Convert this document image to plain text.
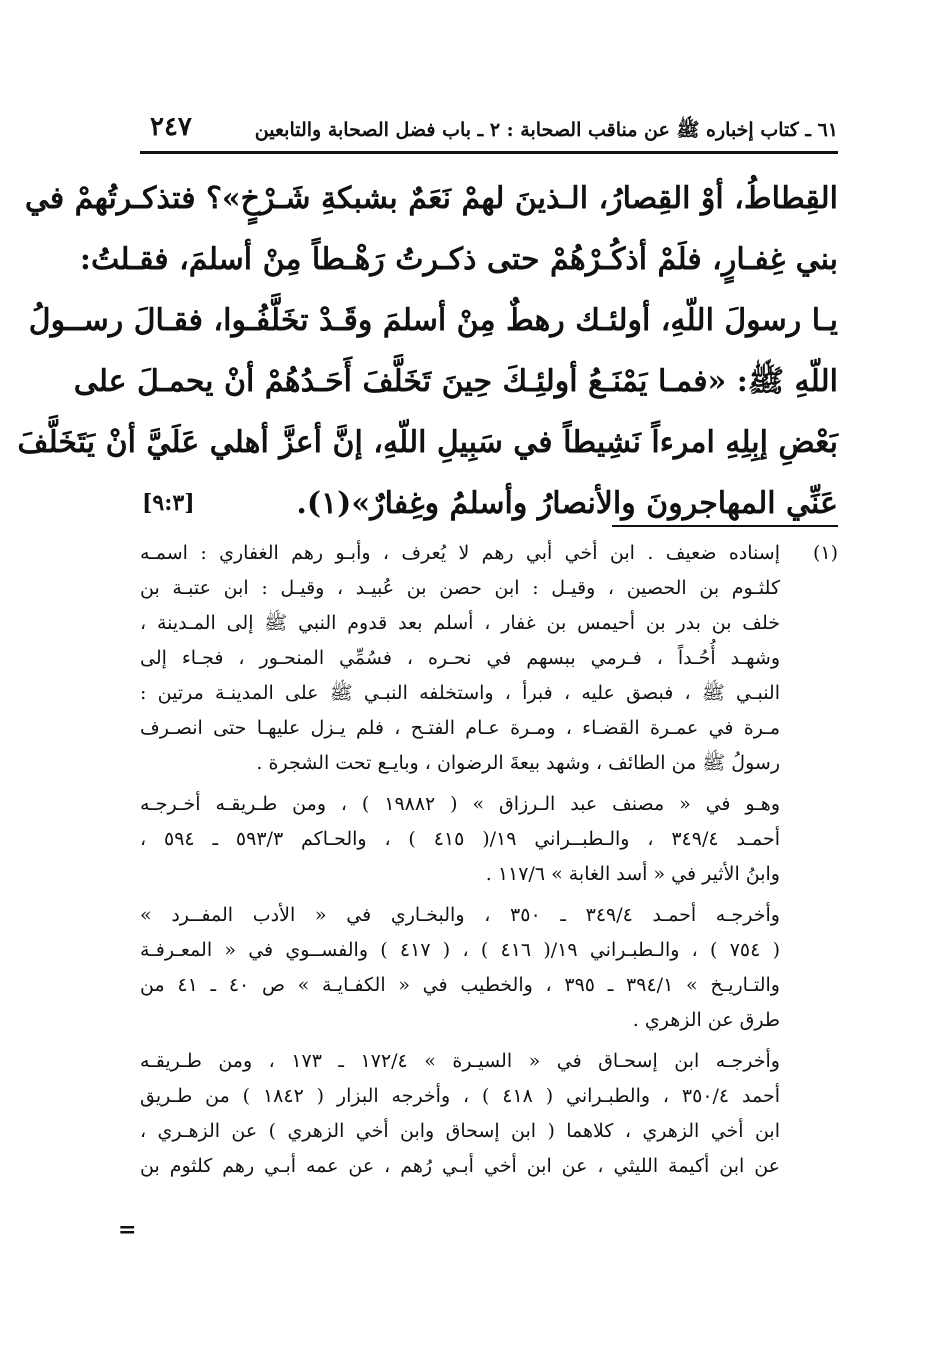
٦١ ـ كتاب إخباره ﷺ عن مناقب الصحابة : ٢ ـ باب فضل الصحابة والتابعين
٢٤٧
القِطاطُ، أوْ القِصارُ، الـذينَ لهمْ نَعَمٌ بشبكةِ شَـرْخٍ»؟ فتذكـرتُهمْ في
بني غِفـارٍ، فلَمْ أذكُـرْهُمْ حتى ذكـرتُ رَهْـطاً مِنْ أسلمَ، فقـلتُ:
يـا رسولَ اللّهِ، أولئـك رهطٌ مِنْ أسلمَ وقَـدْ تخَلَّفُـوا، فقـالَ رســولُ
اللّهِ ﷺ: «فمـا يَمْنَـعُ أولئِـكَ حِينَ تَخَلَّفَ أَحَـدُهُمْ أنْ يحمـلَ على
بَعْضِ إبِلِهِ امرءاً نَشِيطاً في سَبِيلِ اللّهِ، إنَّ أعزَّ أهلي عَلَيَّ أنْ يَتَخَلَّفَ
عَنِّي المهاجرونَ والأنصارُ وأسلمُ وغِفارٌ»(١).
[٩:٣]
(١)
إسناده ضعيف . ابن أخي أبي رهم لا يُعرف ، وأبـو رهم الغفاري : اسمـه
كلثـوم بن الحصين ، وقيـل : ابن حصن بن عُبيـد ، وقيـل : ابن عتبـة بن
خلف بن بدر بن أحيمس بن غفار ، أسلم بعد قدوم النبي ﷺ إلى المـدينة ،
وشهـد أُحُـداً ، فـرمي ببسهم في نحـره ، فسُمِّي المنحـور ، فجـاء إلى
النبـي ﷺ ، فبصق عليه ، فبرأ ، واستخلفه النبـي ﷺ على المدينـة مرتين :
مـرة في عمـرة القضـاء ، ومـرة عـام الفتـح ، فلم يـزل عليهـا حتى انصـرف
رسولُ ﷺ من الطائف ، وشهد بيعةَ الرضوان ، وبايـع تحت الشجرة .
وهـو في « مصنف عبد الـرزاق » ( ١٩٨٨٢ ) ، ومن طـريقـه أخـرجـه
أحمـد ٣٤٩/٤ ، والـطبــراني ١٩/( ٤١٥ ) ، والحـاكم ٥٩٣/٣ ـ ٥٩٤ ،
وابنُ الأثير في « أسد الغابة » ١١٧/٦ .
وأخرجـه أحمـد ٣٤٩/٤ ـ ٣٥٠ ، والبخـاري في « الأدب المفــرد »
( ٧٥٤ ) ، والـطبـراني ١٩/( ٤١٦ ) ، ( ٤١٧ ) والفســوي في « المعـرفـة
والتـاريـخ » ٣٩٤/١ ـ ٣٩٥ ، والخطيب في « الكفـايـة » ص ٤٠ ـ ٤١ من
طرق عن الزهري .
وأخرجـه ابن إسحـاق في « السيـرة » ١٧٢/٤ ـ ١٧٣ ، ومن طـريقـه
أحمد ٣٥٠/٤ ، والطبـراني ( ٤١٨ ) ، وأخرجه البزار ( ١٨٤٢ ) من طـريق
ابن أخي الزهري ، كلاهما ( ابن إسحاق وابن أخي الزهري ) عن الزهـري ،
عن ابن أكيمة الليثي ، عن ابن أخي أبـي رُهم ، عن عمه أبـي رهم كلثوم بن
=
